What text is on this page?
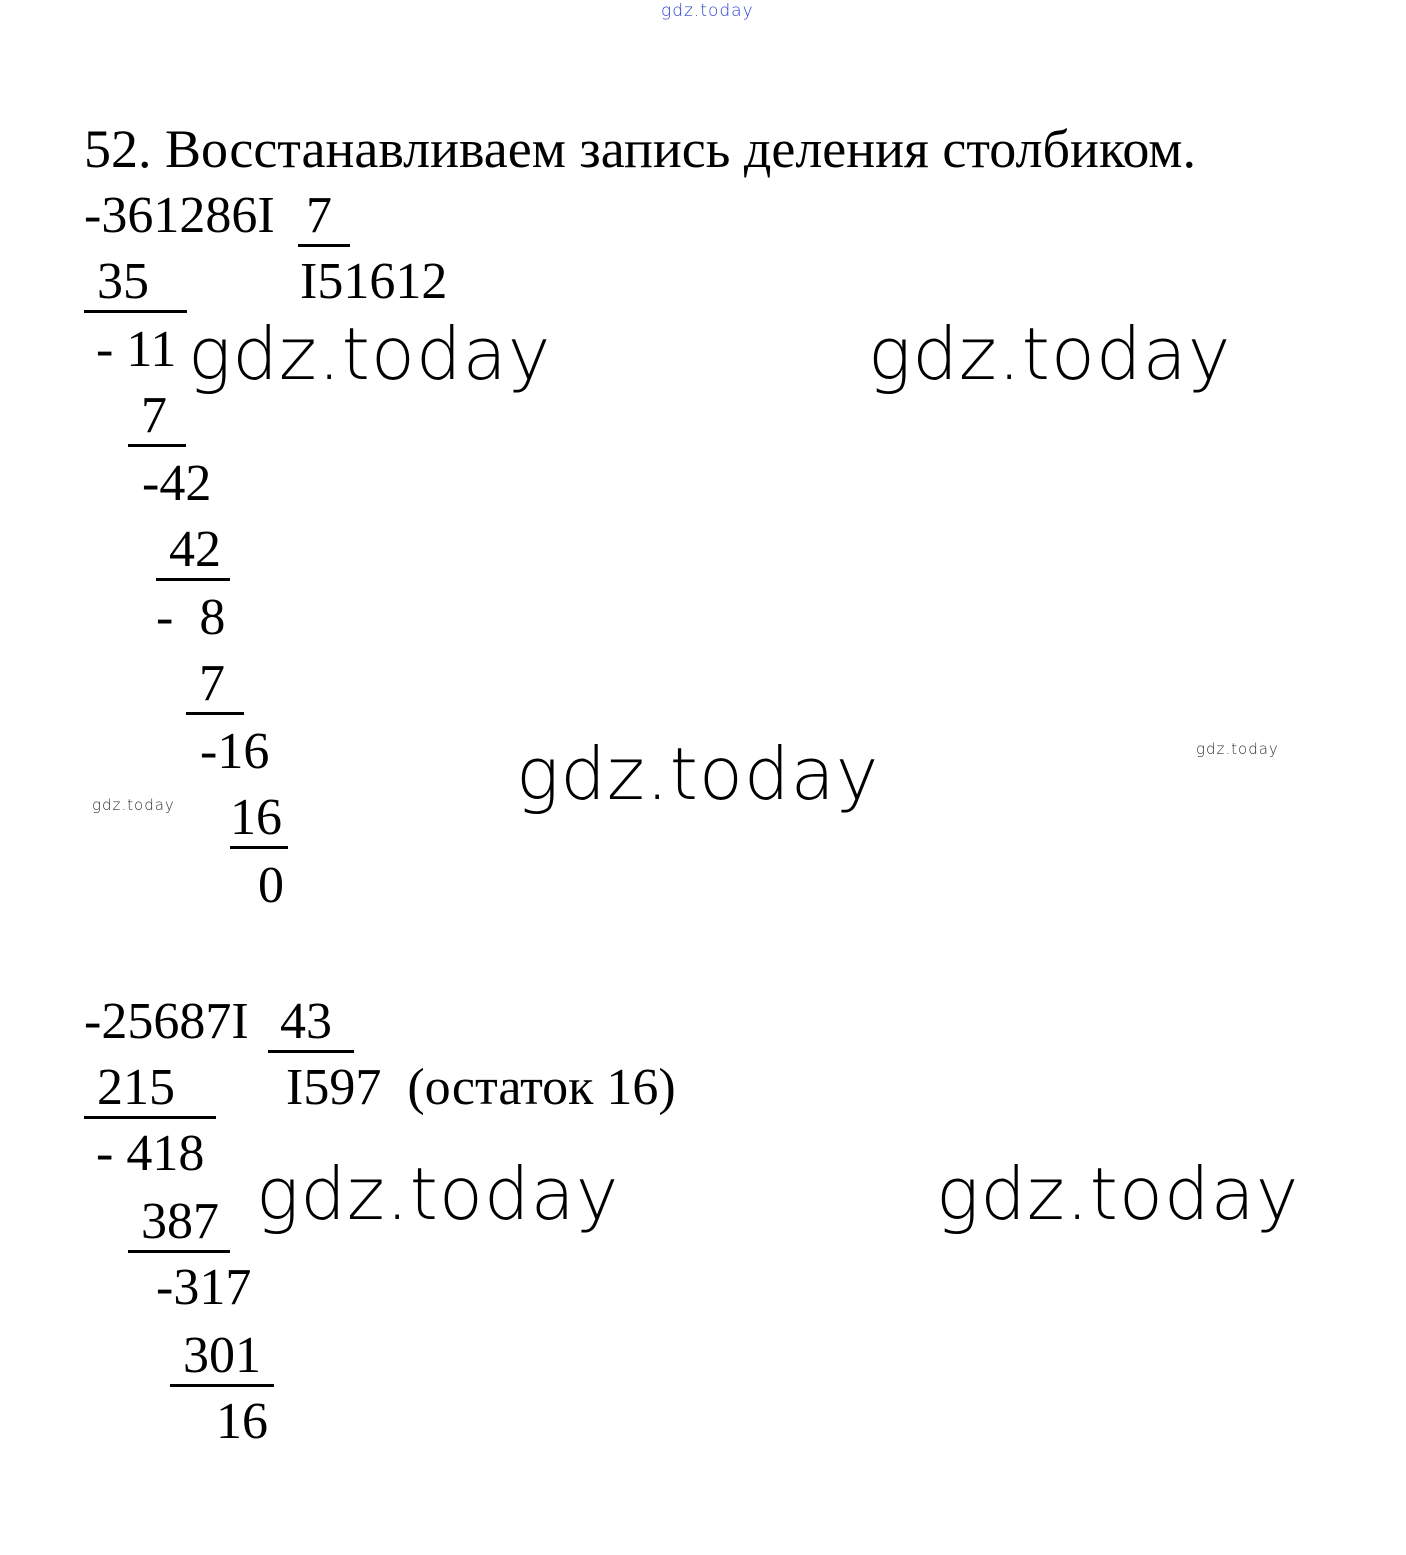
gdz.today
gdz.today	gdz.today
gdz.today
gdz.today
gdz.today
gdz.today	gdz.today
52. Восстанавливаем запись деления столбиком.
-361286I 7
35	I51612
- 11
7
-42
42
-  8
7
-16
16
0
-25687I 43
215	I597  (остаток 16)
- 418
387
-317
301
16
